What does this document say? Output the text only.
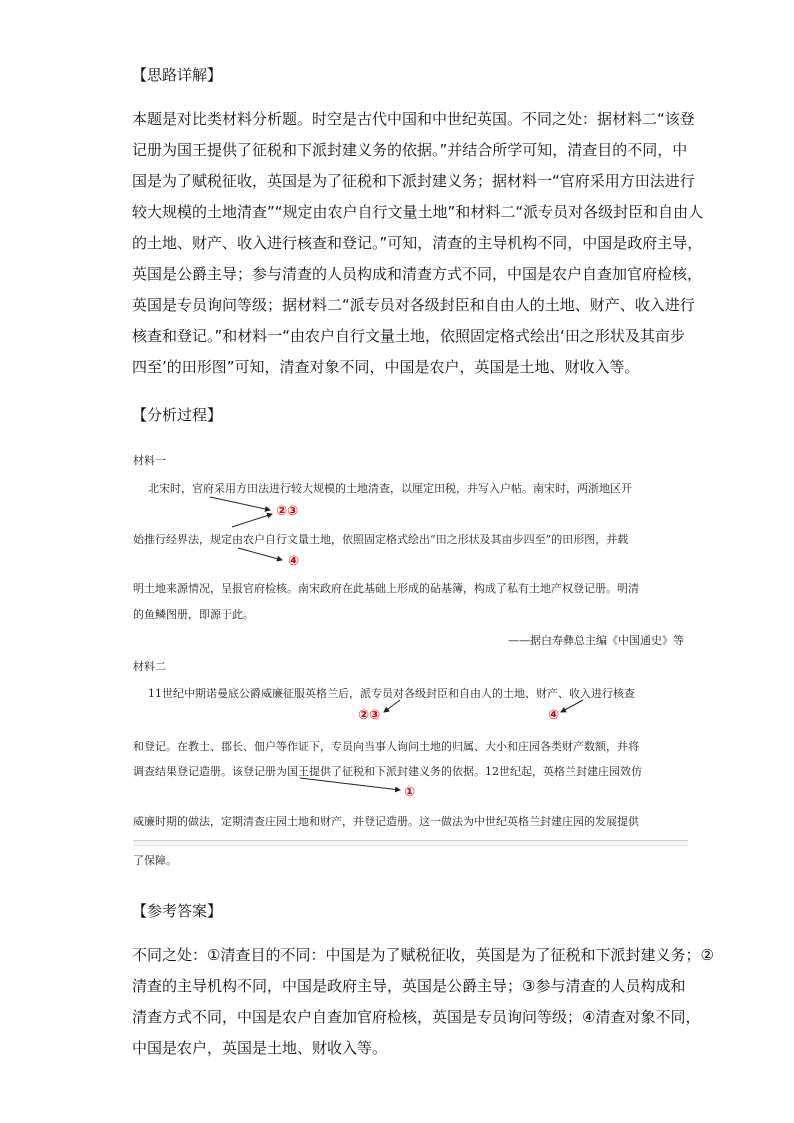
【思路详解】
本题是对比类材料分析题。时空是古代中国和中世纪英国。不同之处：据材料二“该登
记册为国王提供了征税和下派封建义务的依据。”并结合所学可知，清查目的不同，中
国是为了赋税征收，英国是为了征税和下派封建义务；据材料一“官府采用方田法进行
较大规模的土地清查”“规定由农户自行文量土地”和材料二“派专员对各级封臣和自由人
的土地、财产、收入进行核查和登记。”可知，清查的主导机构不同，中国是政府主导，
英国是公爵主导；参与清查的人员构成和清查方式不同，中国是农户自查加官府检核，
英国是专员询问等级；据材料二“派专员对各级封臣和自由人的土地、财产、收入进行
核查和登记。”和材料一“由农户自行文量土地，依照固定格式绘出‘田之形状及其亩步
四至’的田形图”可知，清查对象不同，中国是农户，英国是土地、财收入等。
【分析过程】
材料一
北宋时，官府采用方田法进行较大规模的土地清查，以厘定田税，并写入户帖。南宋时，两浙地区开
始推行经界法，规定由农户自行文量土地，依照固定格式绘出“田之形状及其亩步四至”的田形图，并载
明土地来源情况，呈报官府检核。南宋政府在此基础上形成的砧基簿，构成了私有土地产权登记册。明清
的鱼鳞图册，即源于此。
——据白寿彝总主编《中国通史》等
材料二
11世纪中期诺曼底公爵威廉征服英格兰后，派专员对各级封臣和自由人的土地、财产、收入进行核查
和登记。在教士、郡长、佃户等作证下，专员向当事人询问土地的归属、大小和庄园各类财产数额，并将
调查结果登记造册。该登记册为国王提供了征税和下派封建义务的依据。12世纪起，英格兰封建庄园效仿
威廉时期的做法，定期清查庄园土地和财产，并登记造册。这一做法为中世纪英格兰封建庄园的发展提供
了保障。
②③
④
②③	④
①
【参考答案】
不同之处：①清查目的不同：中国是为了赋税征收，英国是为了征税和下派封建义务；②
清查的主导机构不同，中国是政府主导，英国是公爵主导；③参与清查的人员构成和
清查方式不同，中国是农户自查加官府检核，英国是专员询问等级；④清查对象不同，
中国是农户，英国是土地、财收入等。
